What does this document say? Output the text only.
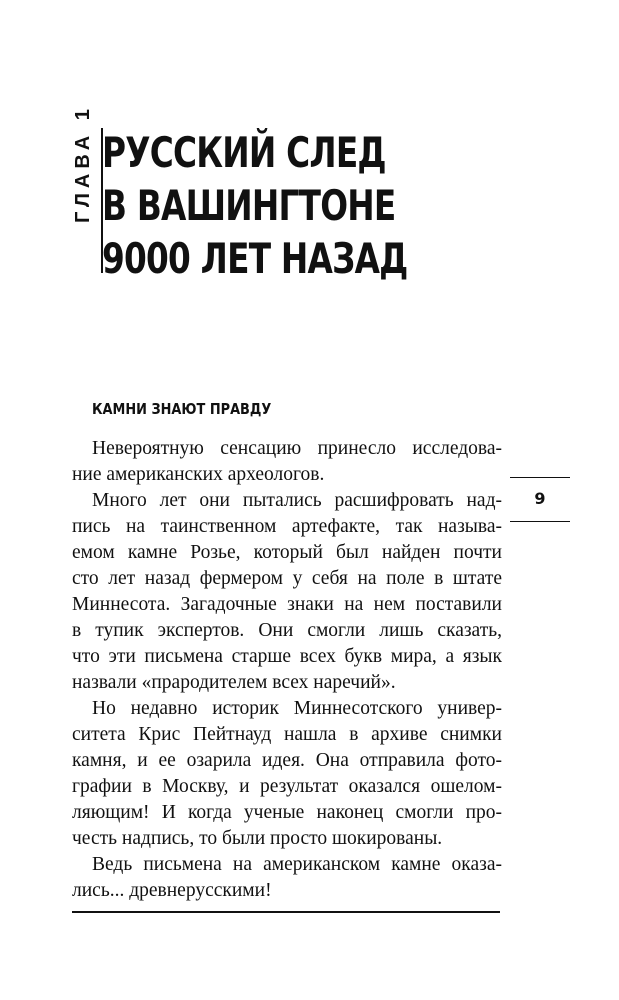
ГЛАВА 1 РУССКИЙ СЛЕД
В ВАШИНГТОНЕ
9000 ЛЕТ НАЗАД
КАМНИ ЗНАЮТ ПРАВДУ
Невероятную сенсацию принесло исследова-
ние американских археологов.
Много лет они пытались расшифровать над-
пись на таинственном артефакте, так называ-
емом камне Розье, который был найден почти
сто лет назад фермером у себя на поле в штате
Миннесота. Загадочные знаки на нем поставили
в тупик экспертов. Они смогли лишь сказать,
что эти письмена старше всех букв мира, а язык
назвали «прародителем всех наречий».
Но недавно историк Миннесотского универ-
ситета Крис Пейтнауд нашла в архиве снимки
камня, и ее озарила идея. Она отправила фото-
графии в Москву, и результат оказался ошелом-
ляющим! И когда ученые наконец смогли про-
честь надпись, то были просто шокированы.
Ведь письмена на американском камне оказа-
лись... древнерусскими!
9
